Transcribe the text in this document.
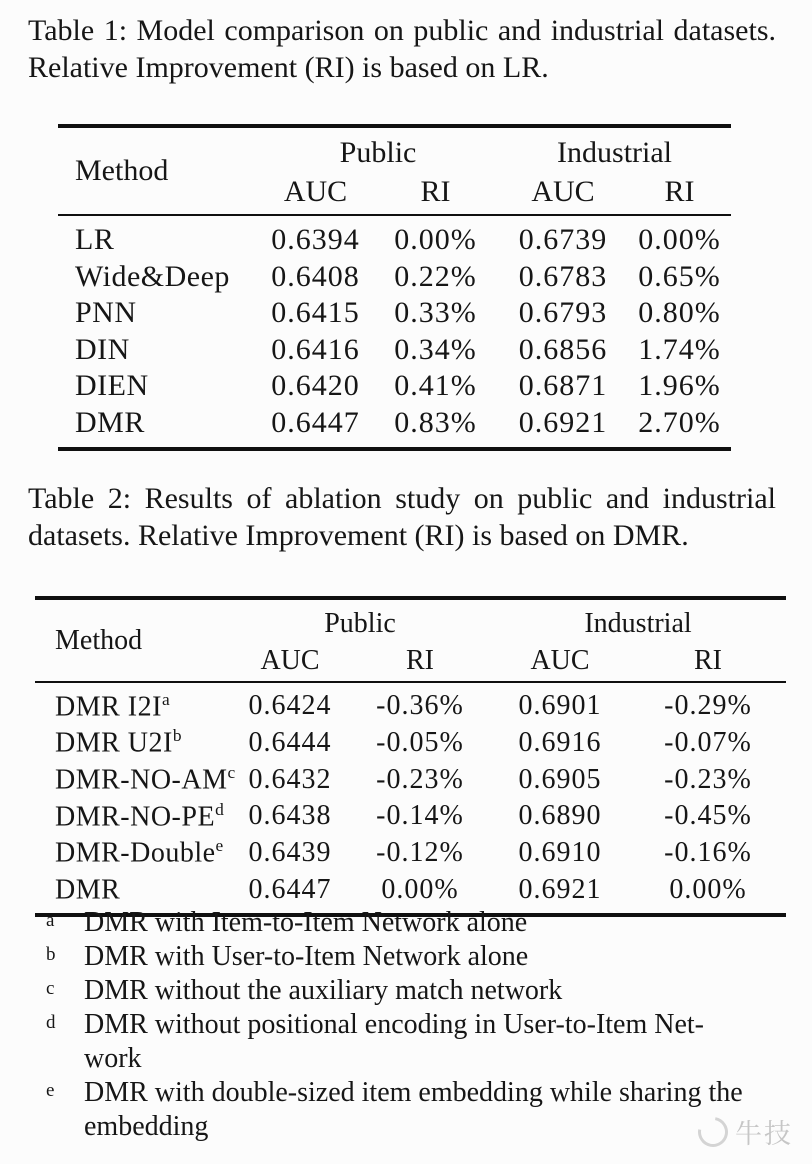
Table 1: Model comparison on public and industrial datasets.
Relative Improvement (RI) is based on LR.
Method	Public		Industrial	
	AUC	RI	AUC	RI
LR	0.6394	0.00%	0.6739	0.00%
Wide&Deep	0.6408	0.22%	0.6783	0.65%
PNN	0.6415	0.33%	0.6793	0.80%
DIN	0.6416	0.34%	0.6856	1.74%
DIEN	0.6420	0.41%	0.6871	1.96%
DMR	0.6447	0.83%	0.6921	2.70%
Table 2: Results of ablation study on public and industrial
datasets. Relative Improvement (RI) is based on DMR.
Method	Public		Industrial	
	AUC	RI	AUC	RI
DMR $I2I^a$	0.6424	-0.36%	0.6901	-0.29%
DMR $U2I^b$	0.6444	-0.05%	0.6916	-0.07%
DMR-$NO-AM^c$	0.6432	-0.23%	0.6905	-0.23%
DMR-$NO-PE^d$	0.6438	-0.14%	0.6890	-0.45%
DMR-Double$^e$	0.6439	-0.12%	0.6910	-0.16%
DMR	0.6447	0.00%	0.6921	0.00%
a	DMR with Item-to-Item Network alone
b	DMR with User-to-Item Network alone
c	DMR without the auxiliary match network
d	DMR without positional encoding in User-to-Item Net-work
e	DMR with double-sized item embedding while sharing the embedding	牛技
